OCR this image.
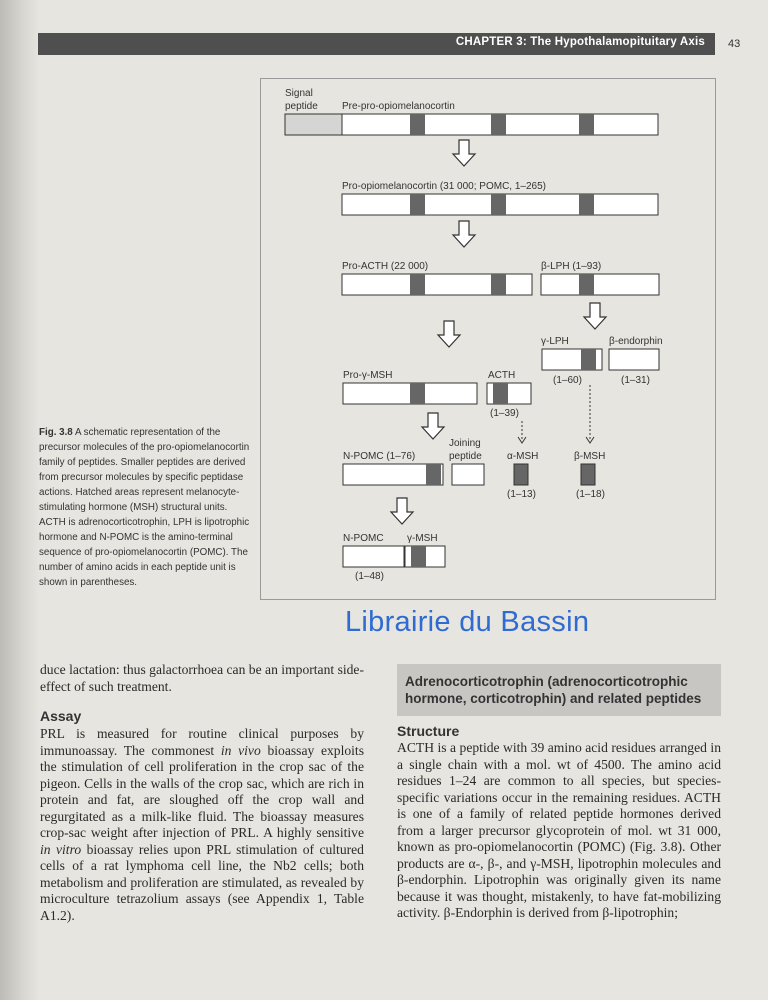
CHAPTER 3: The Hypothalamopituitary Axis 43
Signal
peptide Pre-pro-opiomelanocortin
Pro-opiomelanocortin (31 000; POMC, 1–265)
Pro-ACTH (22 000)	β-LPH (1–93)
γ-LPH	β-endorphin
(1–60)	(1–31)
Pro-γ-MSH	ACTH
(1–39)
N-POMC (1–76)
Joining
peptide	α-MSH
(1–13)
β-MSH
(1–18)
N-POMC γ-MSH
(1–48)
Fig. 3.8 A schematic representation of the precursor molecules of the pro-opiomelanocortin family of peptides. Smaller peptides are derived from precursor molecules by specific peptidase actions. Hatched areas represent melanocyte-stimulating hormone (MSH) structural units. ACTH is adrenocorticotrophin, LPH is lipotrophic hormone and N-POMC is the amino-terminal sequence of pro-opiomelanocortin (POMC). The number of amino acids in each peptide unit is shown in parentheses.
Librairie du Bassin

duce lactation: thus galactorrhoea can be an important side-effect of such treatment.

Assay
PRL is measured for routine clinical purposes by immunoassay. The commonest in vivo bioassay exploits the stimulation of cell proliferation in the crop sac of the pigeon. Cells in the walls of the crop sac, which are rich in protein and fat, are sloughed off the crop wall and regurgitated as a milk-like fluid. The bioassay measures crop-sac weight after injection of PRL. A highly sensitive in vitro bioassay relies upon PRL stimulation of cultured cells of a rat lymphoma cell line, the Nb2 cells; both metabolism and proliferation are stimulated, as revealed by microculture tetrazolium assays (see Appendix 1, Table A1.2).
Adrenocorticotrophin (adrenocorticotrophic hormone, corticotrophin) and related peptides
Structure
ACTH is a peptide with 39 amino acid residues arranged in a single chain with a mol. wt of 4500. The amino acid residues 1–24 are common to all species, but species-specific variations occur in the remaining residues. ACTH is one of a family of related peptide hormones derived from a larger precursor glycoprotein of mol. wt 31 000, known as pro-opiomelanocortin (POMC) (Fig. 3.8). Other products are α-, β-, and γ-MSH, lipotrophin molecules and β-endorphin. Lipotrophin was originally given its name because it was thought, mistakenly, to have fat-mobilizing activity. β-Endorphin is derived from β-lipotrophin;
